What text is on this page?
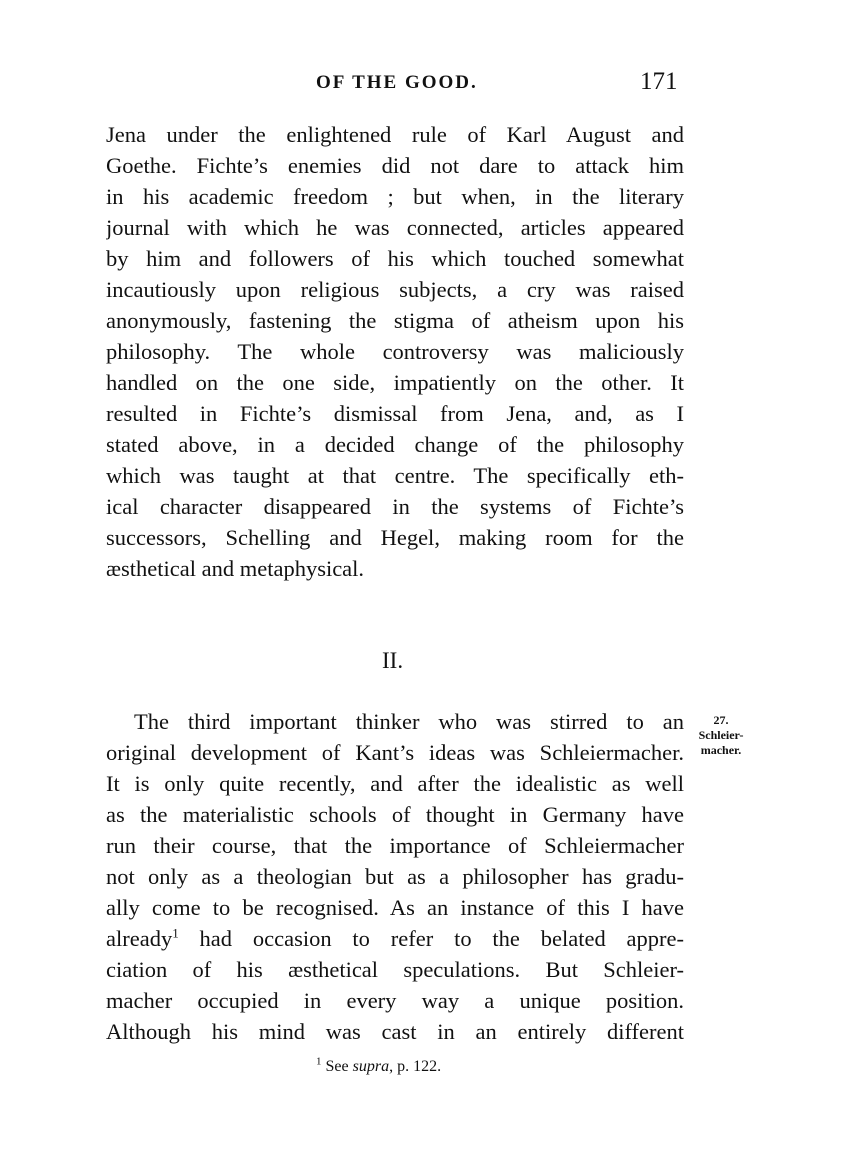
OF THE GOOD.	171
Jena under the enlightened rule of Karl August and
Goethe. Fichte’s enemies did not dare to attack him
in his academic freedom ; but when, in the literary
journal with which he was connected, articles appeared
by him and followers of his which touched somewhat
incautiously upon religious subjects, a cry was raised
anonymously, fastening the stigma of atheism upon his
philosophy. The whole controversy was maliciously
handled on the one side, impatiently on the other. It
resulted in Fichte’s dismissal from Jena, and, as I
stated above, in a decided change of the philosophy
which was taught at that centre. The specifically eth-
ical character disappeared in the systems of Fichte’s
successors, Schelling and Hegel, making room for the
æsthetical and metaphysical.
II.
27.
Schleier-
macher.
The third important thinker who was stirred to an
original development of Kant’s ideas was Schleiermacher.
It is only quite recently, and after the idealistic as well
as the materialistic schools of thought in Germany have
run their course, that the importance of Schleiermacher
not only as a theologian but as a philosopher has gradu-
ally come to be recognised. As an instance of this I have
already$^1$ had occasion to refer to the belated appre-
ciation of his æsthetical speculations. But Schleier-
macher occupied in every way a unique position.
Although his mind was cast in an entirely different
$^1$ See supra, p. 122.
